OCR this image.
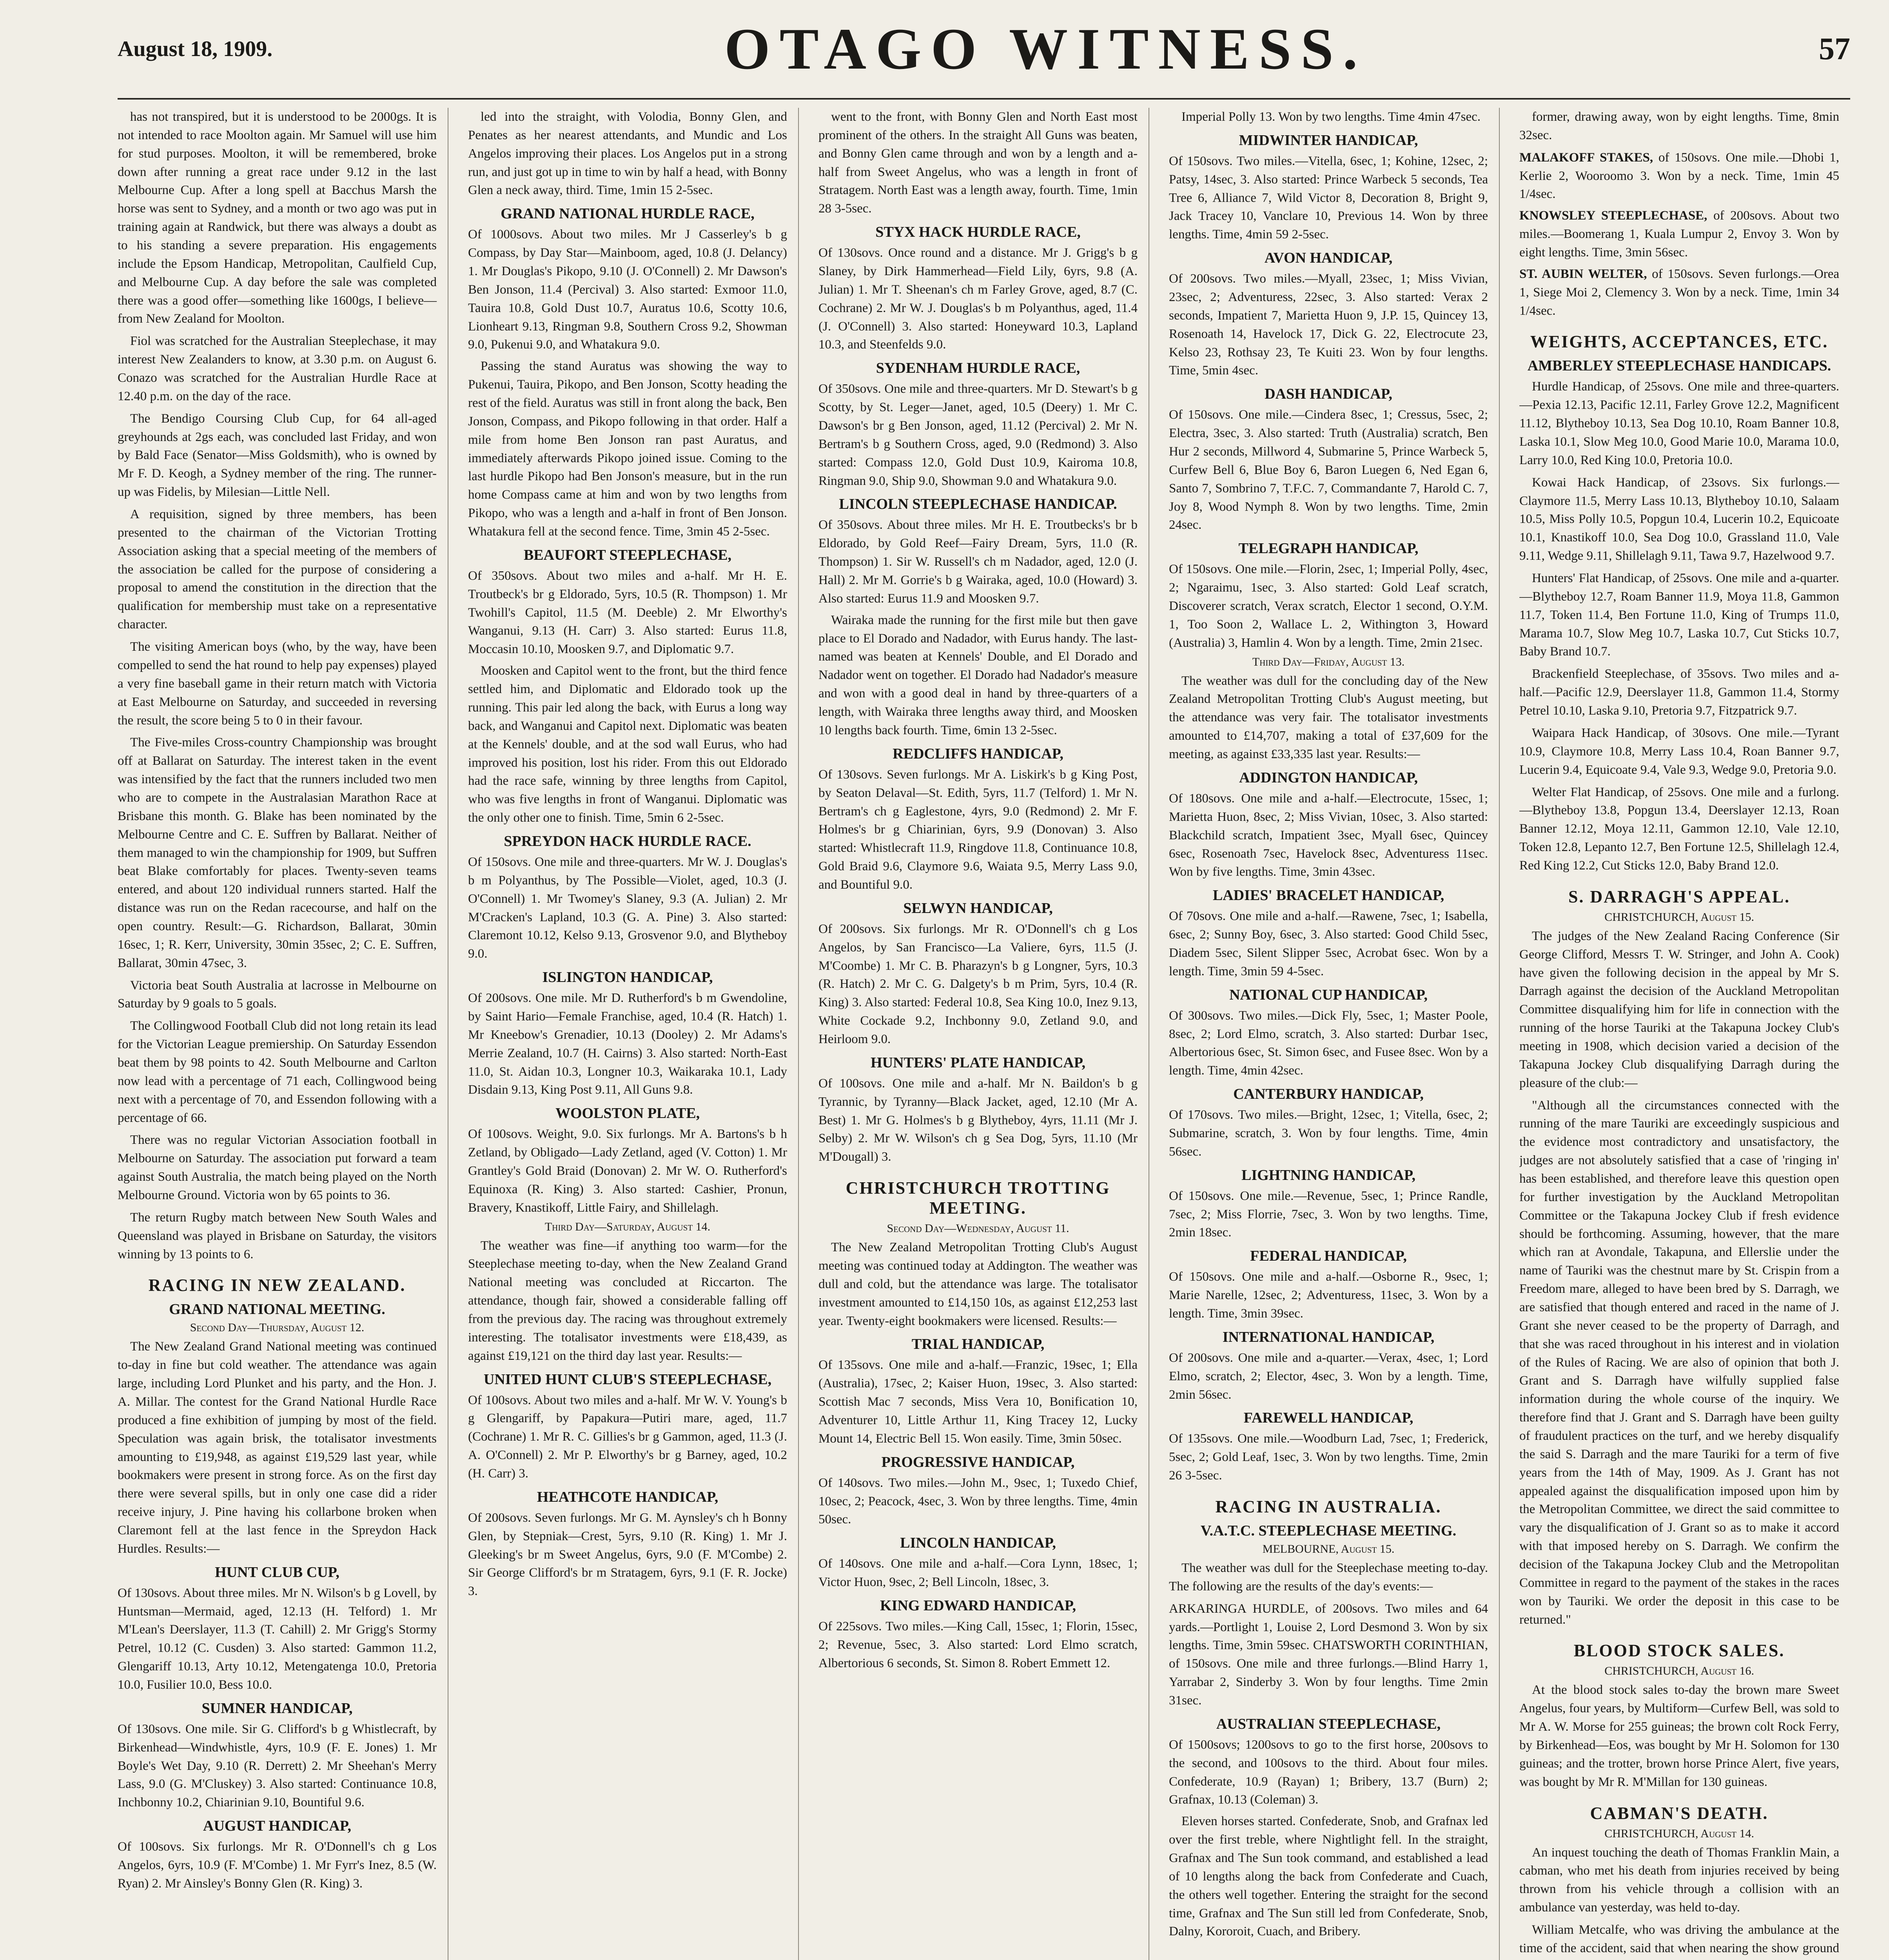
August 18, 1909.	OTAGO WITNESS.	57

has not transpired, but it is understood to be 2000gs. It is not intended to race Moolton again. Mr Samuel will use him for stud purposes. Moolton, it will be remembered, broke down after running a great race under 9.12 in the last Melbourne Cup. After a long spell at Bacchus Marsh the horse was sent to Sydney, and a month or two ago was put in training again at Randwick, but there was always a doubt as to his standing a severe preparation. His engagements include the Epsom Handicap, Metropolitan, Caulfield Cup, and Melbourne Cup. A day before the sale was completed there was a good offer—something like 1600gs, I believe—from New Zealand for Moolton.

Fiol was scratched for the Australian Steeplechase, it may interest New Zealanders to know, at 3.30 p.m. on August 6. Conazo was scratched for the Australian Hurdle Race at 12.40 p.m. on the day of the race.

The Bendigo Coursing Club Cup, for 64 all-aged greyhounds at 2gs each, was concluded last Friday, and won by Bald Face (Senator—Miss Goldsmith), who is owned by Mr F. D. Keogh, a Sydney member of the ring. The runner-up was Fidelis, by Milesian—Little Nell.

A requisition, signed by three members, has been presented to the chairman of the Victorian Trotting Association asking that a special meeting of the members of the association be called for the purpose of considering a proposal to amend the constitution in the direction that the qualification for membership must take on a representative character.

The visiting American boys (who, by the way, have been compelled to send the hat round to help pay expenses) played a very fine baseball game in their return match with Victoria at East Melbourne on Saturday, and succeeded in reversing the result, the score being 5 to 0 in their favour.

The Five-miles Cross-country Championship was brought off at Ballarat on Saturday. The interest taken in the event was intensified by the fact that the runners included two men who are to compete in the Australasian Marathon Race at Brisbane this month. G. Blake has been nominated by the Melbourne Centre and C. E. Suffren by Ballarat. Neither of them managed to win the championship for 1909, but Suffren beat Blake comfortably for places. Twenty-seven teams entered, and about 120 individual runners started. Half the distance was run on the Redan racecourse, and half on the open country. Result:—G. Richardson, Ballarat, 30min 16sec, 1; R. Kerr, University, 30min 35sec, 2; C. E. Suffren, Ballarat, 30min 47sec, 3.

Victoria beat South Australia at lacrosse in Melbourne on Saturday by 9 goals to 5 goals.

The Collingwood Football Club did not long retain its lead for the Victorian League premiership. On Saturday Essendon beat them by 98 points to 42. South Melbourne and Carlton now lead with a percentage of 71 each, Collingwood being next with a percentage of 70, and Essendon following with a percentage of 66.

There was no regular Victorian Association football in Melbourne on Saturday. The association put forward a team against South Australia, the match being played on the North Melbourne Ground. Victoria won by 65 points to 36.

The return Rugby match between New South Wales and Queensland was played in Brisbane on Saturday, the visitors winning by 13 points to 6.

RACING IN NEW ZEALAND.
GRAND NATIONAL MEETING.
Second Day—Thursday, August 12.

The New Zealand Grand National meeting was continued to-day in fine but cold weather. The attendance was again large, including Lord Plunket and his party, and the Hon. J. A. Millar. The contest for the Grand National Hurdle Race produced a fine exhibition of jumping by most of the field. Speculation was again brisk, the totalisator investments amounting to £19,948, as against £19,529 last year, while bookmakers were present in strong force. As on the first day there were several spills, but in only one case did a rider receive injury, J. Pine having his collarbone broken when Claremont fell at the last fence in the Spreydon Hack Hurdles. Results:—

HUNT CLUB CUP,

Of 130sovs. About three miles. Mr N. Wilson's b g Lovell, by Huntsman—Mermaid, aged, 12.13 (H. Telford) 1. Mr M'Lean's Deerslayer, 11.3 (T. Cahill) 2. Mr Grigg's Stormy Petrel, 10.12 (C. Cusden) 3. Also started: Gammon 11.2, Glengariff 10.13, Arty 10.12, Metengatenga 10.0, Pretoria 10.0, Fusilier 10.0, Bess 10.0.

SUMNER HANDICAP,

Of 130sovs. One mile. Sir G. Clifford's b g Whistlecraft, by Birkenhead—Windwhistle, 4yrs, 10.9 (F. E. Jones) 1. Mr Boyle's Wet Day, 9.10 (R. Derrett) 2. Mr Sheehan's Merry Lass, 9.0 (G. M'Cluskey) 3. Also started: Continuance 10.8, Inchbonny 10.2, Chiarinian 9.10, Bountiful 9.6.

AUGUST HANDICAP,

Of 100sovs. Six furlongs. Mr R. O'Donnell's ch g Los Angelos, 6yrs, 10.9 (F. M'Combe) 1. Mr Fyrr's Inez, 8.5 (W. Ryan) 2. Mr Ainsley's Bonny Glen (R. King) 3.

led into the straight, with Volodia, Bonny Glen, and Penates as her nearest attendants, and Mundic and Los Angelos improving their places. Los Angelos put in a strong run, and just got up in time to win by half a head, with Bonny Glen a neck away, third. Time, 1min 15 2-5sec.

GRAND NATIONAL HURDLE RACE,

Of 1000sovs. About two miles. Mr J Casserley's b g Compass, by Day Star—Mainboom, aged, 10.8 (J. Delancy) 1. Mr Douglas's Pikopo, 9.10 (J. O'Connell) 2. Mr Dawson's Ben Jonson, 11.4 (Percival) 3. Also started: Exmoor 11.0, Tauira 10.8, Gold Dust 10.7, Auratus 10.6, Scotty 10.6, Lionheart 9.13, Ringman 9.8, Southern Cross 9.2, Showman 9.0, Pukenui 9.0, and Whatakura 9.0.

Passing the stand Auratus was showing the way to Pukenui, Tauira, Pikopo, and Ben Jonson, Scotty heading the rest of the field. Auratus was still in front along the back, Ben Jonson, Compass, and Pikopo following in that order. Half a mile from home Ben Jonson ran past Auratus, and immediately afterwards Pikopo joined issue. Coming to the last hurdle Pikopo had Ben Jonson's measure, but in the run home Compass came at him and won by two lengths from Pikopo, who was a length and a-half in front of Ben Jonson. Whatakura fell at the second fence. Time, 3min 45 2-5sec.

BEAUFORT STEEPLECHASE,

Of 350sovs. About two miles and a-half. Mr H. E. Troutbeck's br g Eldorado, 5yrs, 10.5 (R. Thompson) 1. Mr Twohill's Capitol, 11.5 (M. Deeble) 2. Mr Elworthy's Wanganui, 9.13 (H. Carr) 3. Also started: Eurus 11.8, Moccasin 10.10, Moosken 9.7, and Diplomatic 9.7.

Moosken and Capitol went to the front, but the third fence settled him, and Diplomatic and Eldorado took up the running. This pair led along the back, with Eurus a long way back, and Wanganui and Capitol next. Diplomatic was beaten at the Kennels' double, and at the sod wall Eurus, who had improved his position, lost his rider. From this out Eldorado had the race safe, winning by three lengths from Capitol, who was five lengths in front of Wanganui. Diplomatic was the only other one to finish. Time, 5min 6 2-5sec.

SPREYDON HACK HURDLE RACE.

Of 150sovs. One mile and three-quarters. Mr W. J. Douglas's b m Polyanthus, by The Possible—Violet, aged, 10.3 (J. O'Connell) 1. Mr Twomey's Slaney, 9.3 (A. Julian) 2. Mr M'Cracken's Lapland, 10.3 (G. A. Pine) 3. Also started: Claremont 10.12, Kelso 9.13, Grosvenor 9.0, and Blytheboy 9.0.

ISLINGTON HANDICAP,

Of 200sovs. One mile. Mr D. Rutherford's b m Gwendoline, by Saint Hario—Female Franchise, aged, 10.4 (R. Hatch) 1. Mr Kneebow's Grenadier, 10.13 (Dooley) 2. Mr Adams's Merrie Zealand, 10.7 (H. Cairns) 3. Also started: North-East 11.0, St. Aidan 10.3, Longner 10.3, Waikaraka 10.1, Lady Disdain 9.13, King Post 9.11, All Guns 9.8.

WOOLSTON PLATE,

Of 100sovs. Weight, 9.0. Six furlongs. Mr A. Bartons's b h Zetland, by Obligado—Lady Zetland, aged (V. Cotton) 1. Mr Grantley's Gold Braid (Donovan) 2. Mr W. O. Rutherford's Equinoxa (R. King) 3. Also started: Cashier, Pronun, Bravery, Knastikoff, Little Fairy, and Shillelagh.

Third Day—Saturday, August 14.

The weather was fine—if anything too warm—for the Steeplechase meeting to-day, when the New Zealand Grand National meeting was concluded at Riccarton. The attendance, though fair, showed a considerable falling off from the previous day. The racing was throughout extremely interesting. The totalisator investments were £18,439, as against £19,121 on the third day last year. Results:—

UNITED HUNT CLUB'S STEEPLECHASE,

Of 100sovs. About two miles and a-half. Mr W. V. Young's b g Glengariff, by Papakura—Putiri mare, aged, 11.7 (Cochrane) 1. Mr R. C. Gillies's br g Gammon, aged, 11.3 (J. A. O'Connell) 2. Mr P. Elworthy's br g Barney, aged, 10.2 (H. Carr) 3.

HEATHCOTE HANDICAP,

Of 200sovs. Seven furlongs. Mr G. M. Aynsley's ch h Bonny Glen, by Stepniak—Crest, 5yrs, 9.10 (R. King) 1. Mr J. Gleeking's br m Sweet Angelus, 6yrs, 9.0 (F. M'Combe) 2. Sir George Clifford's br m Stratagem, 6yrs, 9.1 (F. R. Jocke) 3.

went to the front, with Bonny Glen and North East most prominent of the others. In the straight All Guns was beaten, and Bonny Glen came through and won by a length and a-half from Sweet Angelus, who was a length in front of Stratagem. North East was a length away, fourth. Time, 1min 28 3-5sec.

STYX HACK HURDLE RACE,

Of 130sovs. Once round and a distance. Mr J. Grigg's b g Slaney, by Dirk Hammerhead—Field Lily, 6yrs, 9.8 (A. Julian) 1. Mr T. Sheenan's ch m Farley Grove, aged, 8.7 (C. Cochrane) 2. Mr W. J. Douglas's b m Polyanthus, aged, 11.4 (J. O'Connell) 3. Also started: Honeyward 10.3, Lapland 10.3, and Steenfelds 9.0.

SYDENHAM HURDLE RACE,

Of 350sovs. One mile and three-quarters. Mr D. Stewart's b g Scotty, by St. Leger—Janet, aged, 10.5 (Deery) 1. Mr C. Dawson's br g Ben Jonson, aged, 11.12 (Percival) 2. Mr N. Bertram's b g Southern Cross, aged, 9.0 (Redmond) 3. Also started: Compass 12.0, Gold Dust 10.9, Kairoma 10.8, Ringman 9.0, Ship 9.0, Showman 9.0 and Whatakura 9.0.

LINCOLN STEEPLECHASE HANDICAP.

Of 350sovs. About three miles. Mr H. E. Troutbecks's br b Eldorado, by Gold Reef—Fairy Dream, 5yrs, 11.0 (R. Thompson) 1. Sir W. Russell's ch m Nadador, aged, 12.0 (J. Hall) 2. Mr M. Gorrie's b g Wairaka, aged, 10.0 (Howard) 3. Also started: Eurus 11.9 and Moosken 9.7.

Wairaka made the running for the first mile but then gave place to El Dorado and Nadador, with Eurus handy. The last-named was beaten at Kennels' Double, and El Dorado and Nadador went on together. El Dorado had Nadador's measure and won with a good deal in hand by three-quarters of a length, with Wairaka three lengths away third, and Moosken 10 lengths back fourth. Time, 6min 13 2-5sec.

REDCLIFFS HANDICAP,

Of 130sovs. Seven furlongs. Mr A. Liskirk's b g King Post, by Seaton Delaval—St. Edith, 5yrs, 11.7 (Telford) 1. Mr N. Bertram's ch g Eaglestone, 4yrs, 9.0 (Redmond) 2. Mr F. Holmes's br g Chiarinian, 6yrs, 9.9 (Donovan) 3. Also started: Whistlecraft 11.9, Ringdove 11.8, Continuance 10.8, Gold Braid 9.6, Claymore 9.6, Waiata 9.5, Merry Lass 9.0, and Bountiful 9.0.

SELWYN HANDICAP,

Of 200sovs. Six furlongs. Mr R. O'Donnell's ch g Los Angelos, by San Francisco—La Valiere, 6yrs, 11.5 (J. M'Coombe) 1. Mr C. B. Pharazyn's b g Longner, 5yrs, 10.3 (R. Hatch) 2. Mr C. G. Dalgety's b m Prim, 5yrs, 10.4 (R. King) 3. Also started: Federal 10.8, Sea King 10.0, Inez 9.13, White Cockade 9.2, Inchbonny 9.0, Zetland 9.0, and Heirloom 9.0.

HUNTERS' PLATE HANDICAP,

Of 100sovs. One mile and a-half. Mr N. Baildon's b g Tyrannic, by Tyranny—Black Jacket, aged, 12.10 (Mr A. Best) 1. Mr G. Holmes's b g Blytheboy, 4yrs, 11.11 (Mr J. Selby) 2. Mr W. Wilson's ch g Sea Dog, 5yrs, 11.10 (Mr M'Dougall) 3.

CHRISTCHURCH TROTTING MEETING.
Second Day—Wednesday, August 11.

The New Zealand Metropolitan Trotting Club's August meeting was continued today at Addington. The weather was dull and cold, but the attendance was large. The totalisator investment amounted to £14,150 10s, as against £12,253 last year. Twenty-eight bookmakers were licensed. Results:—

TRIAL HANDICAP,

Of 135sovs. One mile and a-half.—Franzic, 19sec, 1; Ella (Australia), 17sec, 2; Kaiser Huon, 19sec, 3. Also started: Scottish Mac 7 seconds, Miss Vera 10, Bonification 10, Adventurer 10, Little Arthur 11, King Tracey 12, Lucky Mount 14, Electric Bell 15. Won easily. Time, 3min 50sec.

PROGRESSIVE HANDICAP,

Of 140sovs. Two miles.—John M., 9sec, 1; Tuxedo Chief, 10sec, 2; Peacock, 4sec, 3. Won by three lengths. Time, 4min 50sec.

LINCOLN HANDICAP,

Of 140sovs. One mile and a-half.—Cora Lynn, 18sec, 1; Victor Huon, 9sec, 2; Bell Lincoln, 18sec, 3.

KING EDWARD HANDICAP,

Of 225sovs. Two miles.—King Call, 15sec, 1; Florin, 15sec, 2; Revenue, 5sec, 3. Also started: Lord Elmo scratch, Albertorious 6 seconds, St. Simon 8. Robert Emmett 12.

Imperial Polly 13. Won by two lengths. Time 4min 47sec.

MIDWINTER HANDICAP,

Of 150sovs. Two miles.—Vitella, 6sec, 1; Kohine, 12sec, 2; Patsy, 14sec, 3. Also started: Prince Warbeck 5 seconds, Tea Tree 6, Alliance 7, Wild Victor 8, Decoration 8, Bright 9, Jack Tracey 10, Vanclare 10, Previous 14. Won by three lengths. Time, 4min 59 2-5sec.

AVON HANDICAP,

Of 200sovs. Two miles.—Myall, 23sec, 1; Miss Vivian, 23sec, 2; Adventuress, 22sec, 3. Also started: Verax 2 seconds, Impatient 7, Marietta Huon 9, J.P. 15, Quincey 13, Rosenoath 14, Havelock 17, Dick G. 22, Electrocute 23, Kelso 23, Rothsay 23, Te Kuiti 23. Won by four lengths. Time, 5min 4sec.

DASH HANDICAP,

Of 150sovs. One mile.—Cindera 8sec, 1; Cressus, 5sec, 2; Electra, 3sec, 3. Also started: Truth (Australia) scratch, Ben Hur 2 seconds, Millword 4, Submarine 5, Prince Warbeck 5, Curfew Bell 6, Blue Boy 6, Baron Luegen 6, Ned Egan 6, Santo 7, Sombrino 7, T.F.C. 7, Commandante 7, Harold C. 7, Joy 8, Wood Nymph 8. Won by two lengths. Time, 2min 24sec.

TELEGRAPH HANDICAP,

Of 150sovs. One mile.—Florin, 2sec, 1; Imperial Polly, 4sec, 2; Ngaraimu, 1sec, 3. Also started: Gold Leaf scratch, Discoverer scratch, Verax scratch, Elector 1 second, O.Y.M. 1, Too Soon 2, Wallace L. 2, Withington 3, Howard (Australia) 3, Hamlin 4. Won by a length. Time, 2min 21sec.

Third Day—Friday, August 13.

The weather was dull for the concluding day of the New Zealand Metropolitan Trotting Club's August meeting, but the attendance was very fair. The totalisator investments amounted to £14,707, making a total of £37,609 for the meeting, as against £33,335 last year. Results:—

ADDINGTON HANDICAP,

Of 180sovs. One mile and a-half.—Electrocute, 15sec, 1; Marietta Huon, 8sec, 2; Miss Vivian, 10sec, 3. Also started: Blackchild scratch, Impatient 3sec, Myall 6sec, Quincey 6sec, Rosenoath 7sec, Havelock 8sec, Adventuress 11sec. Won by five lengths. Time, 3min 43sec.

LADIES' BRACELET HANDICAP,

Of 70sovs. One mile and a-half.—Rawene, 7sec, 1; Isabella, 6sec, 2; Sunny Boy, 6sec, 3. Also started: Good Child 5sec, Diadem 5sec, Silent Slipper 5sec, Acrobat 6sec. Won by a length. Time, 3min 59 4-5sec.

NATIONAL CUP HANDICAP,

Of 300sovs. Two miles.—Dick Fly, 5sec, 1; Master Poole, 8sec, 2; Lord Elmo, scratch, 3. Also started: Durbar 1sec, Albertorious 6sec, St. Simon 6sec, and Fusee 8sec. Won by a length. Time, 4min 42sec.

CANTERBURY HANDICAP,

Of 170sovs. Two miles.—Bright, 12sec, 1; Vitella, 6sec, 2; Submarine, scratch, 3. Won by four lengths. Time, 4min 56sec.

LIGHTNING HANDICAP,

Of 150sovs. One mile.—Revenue, 5sec, 1; Prince Randle, 7sec, 2; Miss Florrie, 7sec, 3. Won by two lengths. Time, 2min 18sec.

FEDERAL HANDICAP,

Of 150sovs. One mile and a-half.—Osborne R., 9sec, 1; Marie Narelle, 12sec, 2; Adventuress, 11sec, 3. Won by a length. Time, 3min 39sec.

INTERNATIONAL HANDICAP,

Of 200sovs. One mile and a-quarter.—Verax, 4sec, 1; Lord Elmo, scratch, 2; Elector, 4sec, 3. Won by a length. Time, 2min 56sec.

FAREWELL HANDICAP,

Of 135sovs. One mile.—Woodburn Lad, 7sec, 1; Frederick, 5sec, 2; Gold Leaf, 1sec, 3. Won by two lengths. Time, 2min 26 3-5sec.

RACING IN AUSTRALIA.
V.A.T.C. STEEPLECHASE MEETING.
MELBOURNE, August 15.

The weather was dull for the Steeplechase meeting to-day. The following are the results of the day's events:—

ARKARINGA HURDLE, of 200sovs. Two miles and 64 yards.—Portlight 1, Louise 2, Lord Desmond 3. Won by six lengths. Time, 3min 59sec. CHATSWORTH CORINTHIAN, of 150sovs. One mile and three furlongs.—Blind Harry 1, Yarrabar 2, Sinderby 3. Won by four lengths. Time 2min 31sec.

AUSTRALIAN STEEPLECHASE,

Of 1500sovs; 1200sovs to go to the first horse, 200sovs to the second, and 100sovs to the third. About four miles. Confederate, 10.9 (Rayan) 1; Bribery, 13.7 (Burn) 2; Grafnax, 10.13 (Coleman) 3.

Eleven horses started. Confederate, Snob, and Grafnax led over the first treble, where Nightlight fell. In the straight, Grafnax and The Sun took command, and established a lead of 10 lengths along the back from Confederate and Cuach, the others well together. Entering the straight for the second time, Grafnax and The Sun still led from Confederate, Snob, Dalny, Kororoit, Cuach, and Bribery.

former, drawing away, won by eight lengths. Time, 8min 32sec.

MALAKOFF STAKES, of 150sovs. One mile.—Dhobi 1, Kerlie 2, Wooroomo 3. Won by a neck. Time, 1min 45 1/4sec.

KNOWSLEY STEEPLECHASE, of 200sovs. About two miles.—Boomerang 1, Kuala Lumpur 2, Envoy 3. Won by eight lengths. Time, 3min 56sec.

ST. AUBIN WELTER, of 150sovs. Seven furlongs.—Orea 1, Siege Moi 2, Clemency 3. Won by a neck. Time, 1min 34 1/4sec.

WEIGHTS, ACCEPTANCES, ETC.
AMBERLEY STEEPLECHASE HANDICAPS.

Hurdle Handicap, of 25sovs. One mile and three-quarters.—Pexia 12.13, Pacific 12.11, Farley Grove 12.2, Magnificent 11.12, Blytheboy 10.13, Sea Dog 10.10, Roam Banner 10.8, Laska 10.1, Slow Meg 10.0, Good Marie 10.0, Marama 10.0, Larry 10.0, Red King 10.0, Pretoria 10.0.

Kowai Hack Handicap, of 23sovs. Six furlongs.—Claymore 11.5, Merry Lass 10.13, Blytheboy 10.10, Salaam 10.5, Miss Polly 10.5, Popgun 10.4, Lucerin 10.2, Equicoate 10.1, Knastikoff 10.0, Sea Dog 10.0, Grassland 11.0, Vale 9.11, Wedge 9.11, Shillelagh 9.11, Tawa 9.7, Hazelwood 9.7.

Hunters' Flat Handicap, of 25sovs. One mile and a-quarter.—Blytheboy 12.7, Roam Banner 11.9, Moya 11.8, Gammon 11.7, Token 11.4, Ben Fortune 11.0, King of Trumps 11.0, Marama 10.7, Slow Meg 10.7, Laska 10.7, Cut Sticks 10.7, Baby Brand 10.7.

Brackenfield Steeplechase, of 35sovs. Two miles and a-half.—Pacific 12.9, Deerslayer 11.8, Gammon 11.4, Stormy Petrel 10.10, Laska 9.10, Pretoria 9.7, Fitzpatrick 9.7.

Waipara Hack Handicap, of 30sovs. One mile.—Tyrant 10.9, Claymore 10.8, Merry Lass 10.4, Roan Banner 9.7, Lucerin 9.4, Equicoate 9.4, Vale 9.3, Wedge 9.0, Pretoria 9.0.

Welter Flat Handicap, of 25sovs. One mile and a furlong.—Blytheboy 13.8, Popgun 13.4, Deerslayer 12.13, Roan Banner 12.12, Moya 12.11, Gammon 12.10, Vale 12.10, Token 12.8, Lepanto 12.7, Ben Fortune 12.5, Shillelagh 12.4, Red King 12.2, Cut Sticks 12.0, Baby Brand 12.0.

S. DARRAGH'S APPEAL.
CHRISTCHURCH, August 15.

The judges of the New Zealand Racing Conference (Sir George Clifford, Messrs T. W. Stringer, and John A. Cook) have given the following decision in the appeal by Mr S. Darragh against the decision of the Auckland Metropolitan Committee disqualifying him for life in connection with the running of the horse Tauriki at the Takapuna Jockey Club's meeting in 1908, which decision varied a decision of the Takapuna Jockey Club disqualifying Darragh during the pleasure of the club:—

"Although all the circumstances connected with the running of the mare Tauriki are exceedingly suspicious and the evidence most contradictory and unsatisfactory, the judges are not absolutely satisfied that a case of 'ringing in' has been established, and therefore leave this question open for further investigation by the Auckland Metropolitan Committee or the Takapuna Jockey Club if fresh evidence should be forthcoming. Assuming, however, that the mare which ran at Avondale, Takapuna, and Ellerslie under the name of Tauriki was the chestnut mare by St. Crispin from a Freedom mare, alleged to have been bred by S. Darragh, we are satisfied that though entered and raced in the name of J. Grant she never ceased to be the property of Darragh, and that she was raced throughout in his interest and in violation of the Rules of Racing. We are also of opinion that both J. Grant and S. Darragh have wilfully supplied false information during the whole course of the inquiry. We therefore find that J. Grant and S. Darragh have been guilty of fraudulent practices on the turf, and we hereby disqualify the said S. Darragh and the mare Tauriki for a term of five years from the 14th of May, 1909. As J. Grant has not appealed against the disqualification imposed upon him by the Metropolitan Committee, we direct the said committee to vary the disqualification of J. Grant so as to make it accord with that imposed hereby on S. Darragh. We confirm the decision of the Takapuna Jockey Club and the Metropolitan Committee in regard to the payment of the stakes in the races won by Tauriki. We order the deposit in this case to be returned."

BLOOD STOCK SALES.
CHRISTCHURCH, August 16.

At the blood stock sales to-day the brown mare Sweet Angelus, four years, by Multiform—Curfew Bell, was sold to Mr A. W. Morse for 255 guineas; the brown colt Rock Ferry, by Birkenhead—Eos, was bought by Mr H. Solomon for 130 guineas; and the trotter, brown horse Prince Alert, five years, was bought by Mr R. M'Millan for 130 guineas.

CABMAN'S DEATH.
CHRISTCHURCH, August 14.

An inquest touching the death of Thomas Franklin Main, a cabman, who met his death from injuries received by being thrown from his vehicle through a collision with an ambulance van yesterday, was held to-day.

William Metcalfe, who was driving the ambulance at the time of the accident, said that when nearing the show ground
